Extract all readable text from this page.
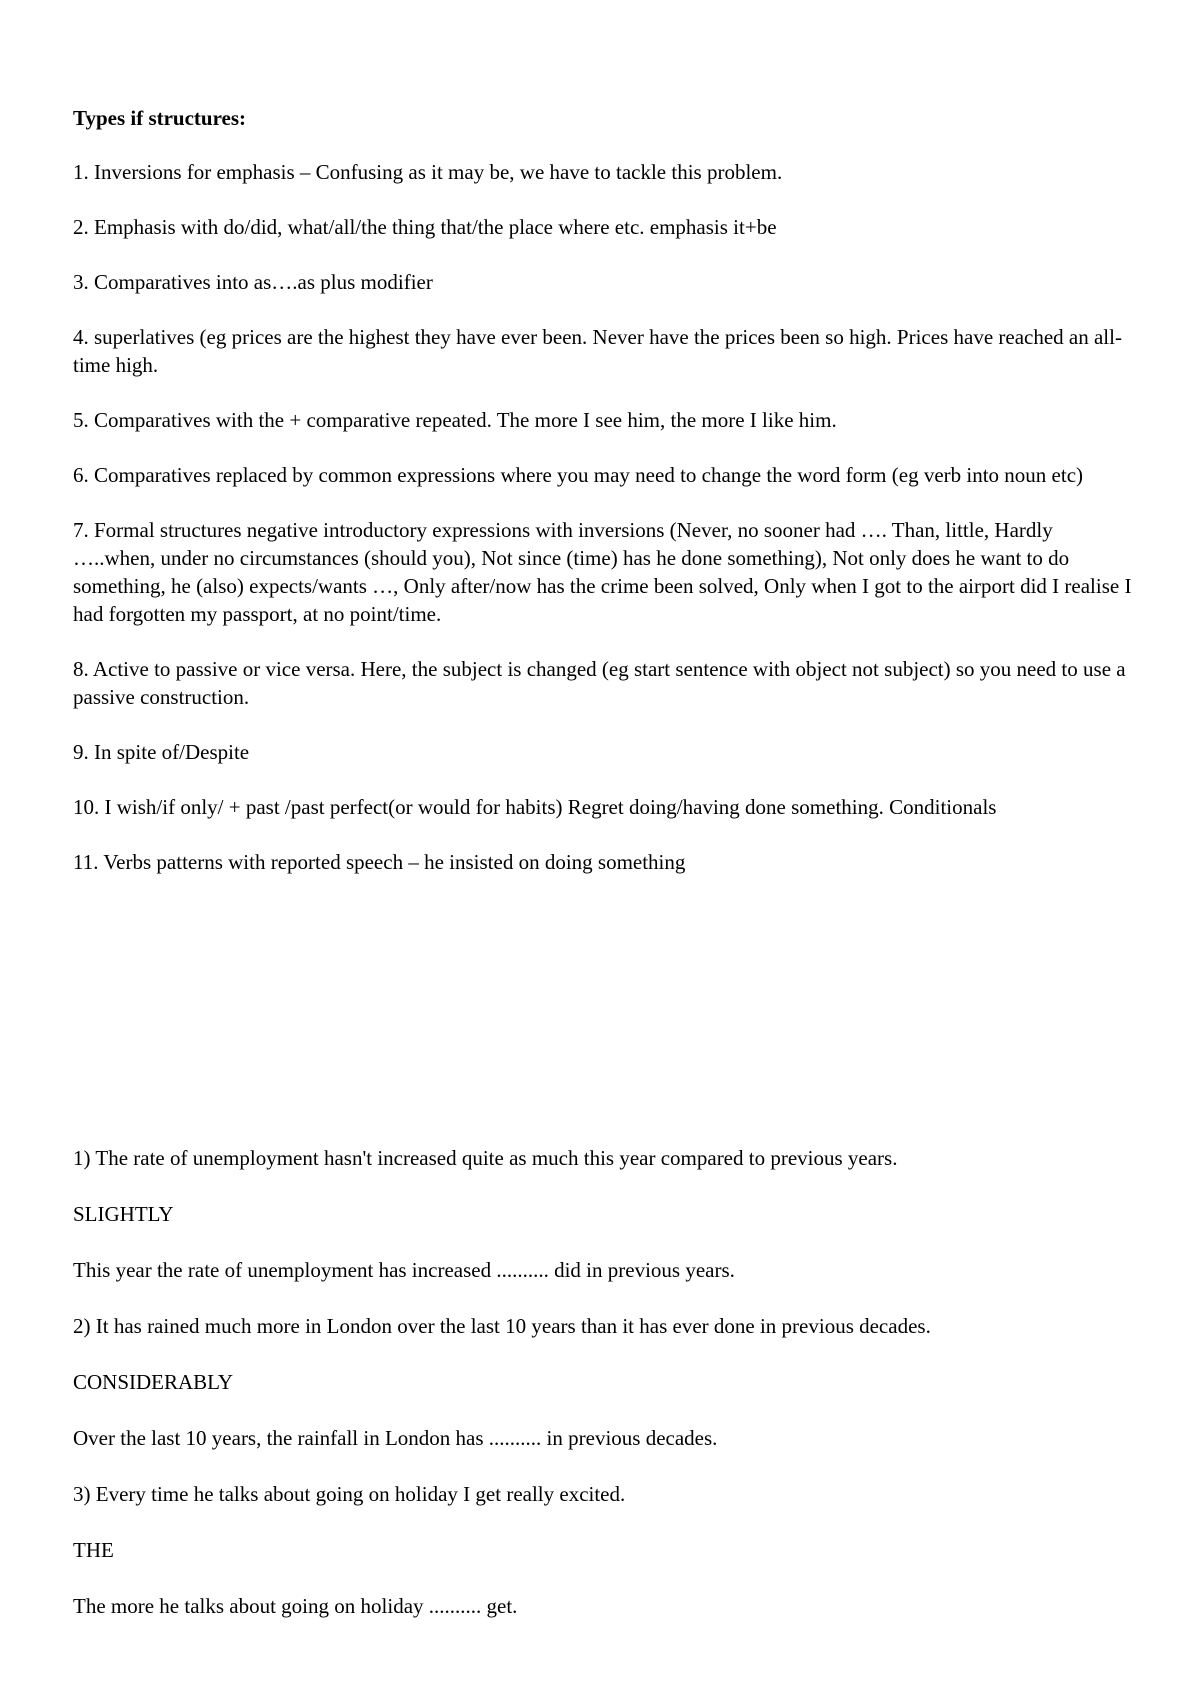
Types if structures:
1. Inversions for emphasis – Confusing as it may be, we have to tackle this problem.
2. Emphasis with do/did, what/all/the thing that/the place where etc. emphasis it+be
3. Comparatives into as….as plus modifier
4. superlatives (eg prices are the highest they have ever been. Never have the prices been so high. Prices have reached an all-time high.
5. Comparatives with the + comparative repeated. The more I see him, the more I like him.
6. Comparatives replaced by common expressions where you may need to change the word form (eg verb into noun etc)
7. Formal structures negative introductory expressions with inversions (Never, no sooner had …. Than, little, Hardly …..when, under no circumstances (should you), Not since (time) has he done something), Not only does he want to do something, he (also) expects/wants …, Only after/now has the crime been solved, Only when I got to the airport did I realise I had forgotten my passport, at no point/time.
8. Active to passive or vice versa. Here, the subject is changed (eg start sentence with object not subject) so you need to use a passive construction.
9. In spite of/Despite
10. I wish/if only/ + past /past perfect(or would for habits) Regret doing/having done something. Conditionals
11. Verbs patterns with reported speech – he insisted on doing something
1) The rate of unemployment hasn't increased quite as much this year compared to previous years.
SLIGHTLY
This year the rate of unemployment has increased .......... did in previous years.
2) It has rained much more in London over the last 10 years than it has ever done in previous decades.
CONSIDERABLY
Over the last 10 years, the rainfall in London has .......... in previous decades.
3) Every time he talks about going on holiday I get really excited.
THE
The more he talks about going on holiday .......... get.
